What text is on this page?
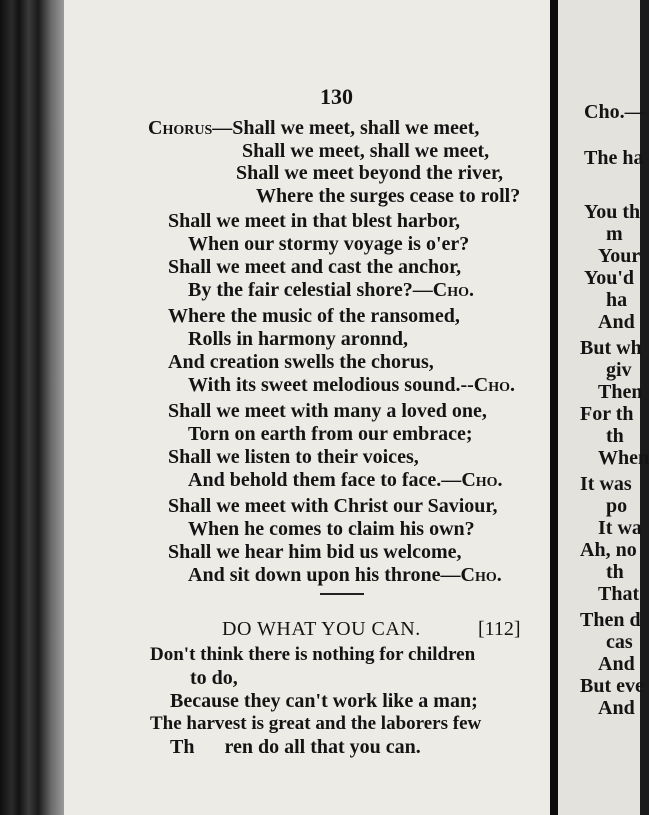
130
Chorus—Shall we meet, shall we meet,
Shall we meet, shall we meet,
Shall we meet beyond the river,
Where the surges cease to roll?
Shall we meet in that blest harbor,
When our stormy voyage is o'er?
Shall we meet and cast the anchor,
By the fair celestial shore?—Cho.
Where the music of the ransomed,
Rolls in harmony arоnnd,
And creation swells the chorus,
With its sweet melodious sound.--Cho.
Shall we meet with many a loved one,
Torn on earth from our embrace;
Shall we listen to their voices,
And behold them face to face.—Cho.
Shall we meet with Christ our Saviour,
When he comes to claim his own?
Shall we hear him bid us welcome,
And sit down upon his throne—Cho.
DO WHAT YOU CAN.	[112]
Don't think there is nothing for children
to do,
Because they can't work like a man;
The harvest is great and the laborers few
Th      ren do all that you can.
Cho.—
The ha
You th
m
Your
You'd
ha
And
But wh
giv
Then
For th
th
When
It was
po
It wa
Ah, no
th
That
Then d
cas
And
But eve
And
